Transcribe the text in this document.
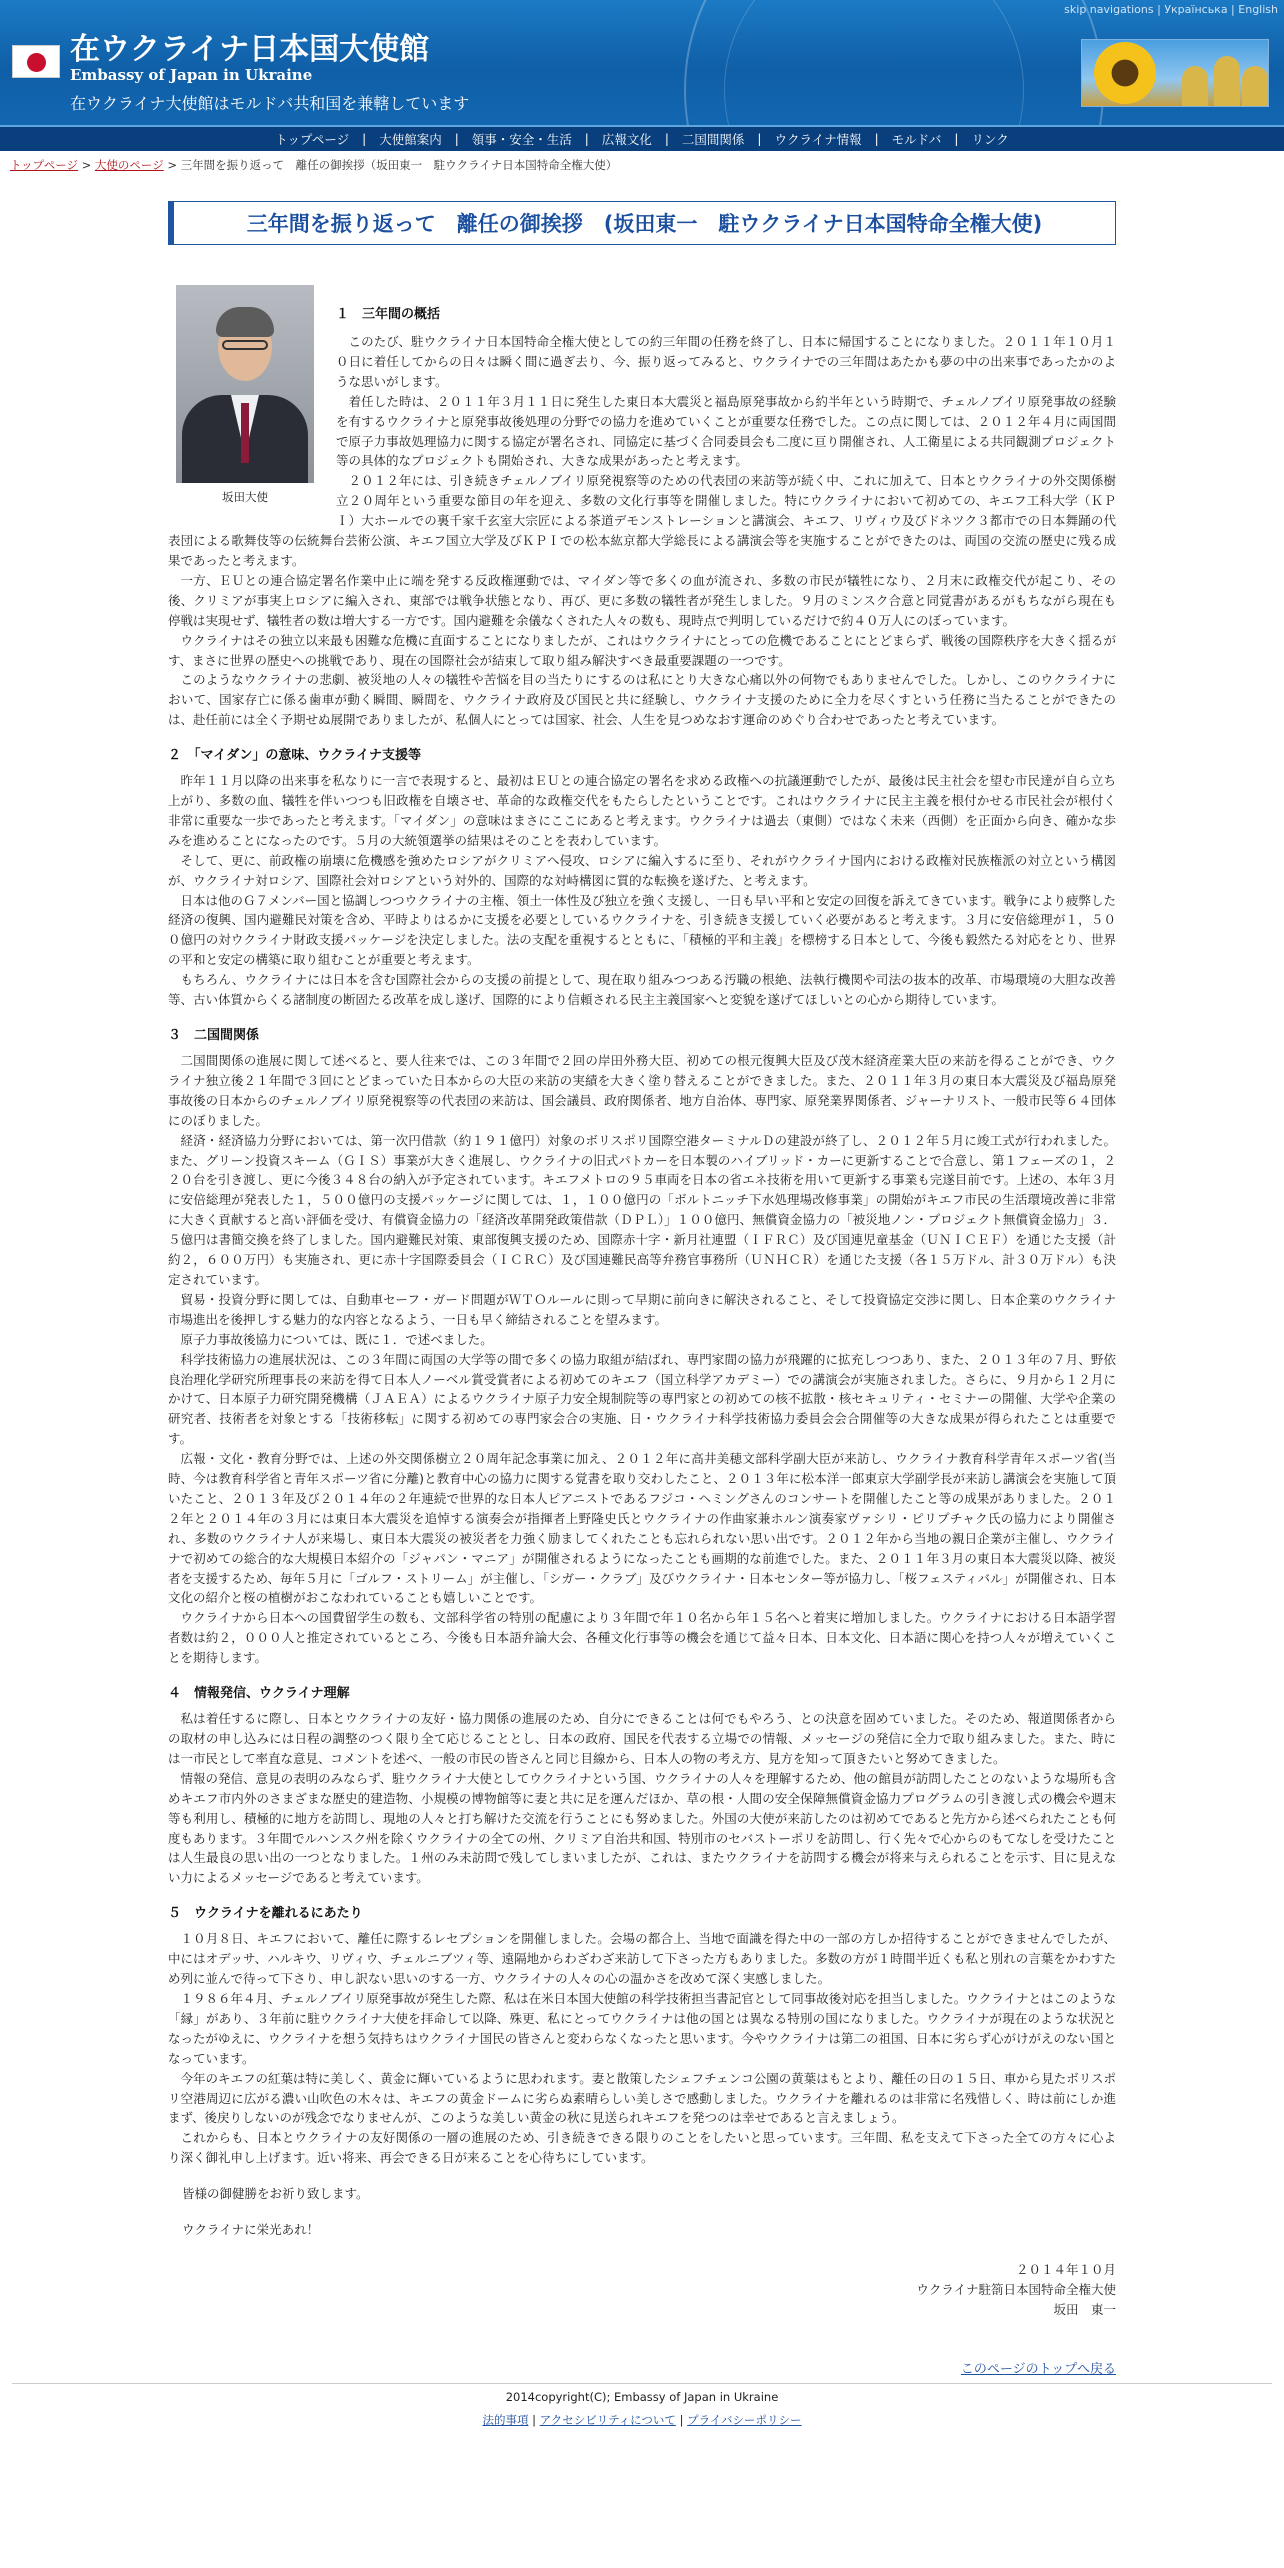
skip navigations | Українська | English
在ウクライナ日本国大使館
Embassy of Japan in Ukraine
在ウクライナ大使館はモルドバ共和国を兼轄しています
トップページ	|	大使館案内	|	領事・安全・生活	|	広報文化	|	二国間関係	|	ウクライナ情報	|	モルドバ	|	リンク
トップページ > 大使のページ > 三年間を振り返って　離任の御挨拶（坂田東一　駐ウクライナ日本国特命全権大使）
三年間を振り返って　離任の御挨拶　(坂田東一　駐ウクライナ日本国特命全権大使)
坂田大使
１　三年間の概括

このたび、駐ウクライナ日本国特命全権大使としての約三年間の任務を終了し、日本に帰国することになりました。２０１１年１０月１０日に着任してからの日々は瞬く間に過ぎ去り、今、振り返ってみると、ウクライナでの三年間はあたかも夢の中の出来事であったかのような思いがします。

着任した時は、２０１１年３月１１日に発生した東日本大震災と福島原発事故から約半年という時期で、チェルノブイリ原発事故の経験を有するウクライナと原発事故後処理の分野での協力を進めていくことが重要な任務でした。この点に関しては、２０１２年４月に両国間で原子力事故処理協力に関する協定が署名され、同協定に基づく合同委員会も二度に亘り開催され、人工衛星による共同観測プロジェクト等の具体的なプロジェクトも開始され、大きな成果があったと考えます。

２０１２年には、引き続きチェルノブイリ原発視察等のための代表団の来訪等が続く中、これに加えて、日本とウクライナの外交関係樹立２０周年という重要な節目の年を迎え、多数の文化行事等を開催しました。特にウクライナにおいて初めての、キエフ工科大学（ＫＰＩ）大ホールでの裏千家千玄室大宗匠による茶道デモンストレーションと講演会、キエフ、リヴィウ及びドネツク３都市での日本舞踊の代表団による歌舞伎等の伝統舞台芸術公演、キエフ国立大学及びＫＰＩでの松本紘京都大学総長による講演会等を実施することができたのは、両国の交流の歴史に残る成果であったと考えます。

一方、ＥＵとの連合協定署名作業中止に端を発する反政権運動では、マイダン等で多くの血が流され、多数の市民が犠牲になり、２月末に政権交代が起こり、その後、クリミアが事実上ロシアに編入され、東部では戦争状態となり、再び、更に多数の犠牲者が発生しました。９月のミンスク合意と同覚書があるがもちながら現在も停戦は実現せず、犠牲者の数は増大する一方です。国内避難を余儀なくされた人々の数も、現時点で判明しているだけで約４０万人にのぼっています。

ウクライナはその独立以来最も困難な危機に直面することになりましたが、これはウクライナにとっての危機であることにとどまらず、戦後の国際秩序を大きく揺るがす、まさに世界の歴史への挑戦であり、現在の国際社会が結束して取り組み解決すべき最重要課題の一つです。

このようなウクライナの悲劇、被災地の人々の犠牲や苦悩を目の当たりにするのは私にとり大きな心痛以外の何物でもありませんでした。しかし、このウクライナにおいて、国家存亡に係る歯車が動く瞬間、瞬間を、ウクライナ政府及び国民と共に経験し、ウクライナ支援のために全力を尽くすという任務に当たることができたのは、赴任前には全く予期せぬ展開でありましたが、私個人にとっては国家、社会、人生を見つめなおす運命のめぐり合わせであったと考えています。

２　「マイダン」の意味、ウクライナ支援等

昨年１１月以降の出来事を私なりに一言で表現すると、最初はＥＵとの連合協定の署名を求める政権への抗議運動でしたが、最後は民主社会を望む市民達が自ら立ち上がり、多数の血、犠牲を伴いつつも旧政権を自壊させ、革命的な政権交代をもたらしたということです。これはウクライナに民主主義を根付かせる市民社会が根付く非常に重要な一歩であったと考えます。「マイダン」の意味はまさにここにあると考えます。ウクライナは過去（東側）ではなく未来（西側）を正面から向き、確かな歩みを進めることになったのです。５月の大統領選挙の結果はそのことを表わしています。

そして、更に、前政権の崩壊に危機感を強めたロシアがクリミアへ侵攻、ロシアに編入するに至り、それがウクライナ国内における政権対民族権派の対立という構図が、ウクライナ対ロシア、国際社会対ロシアという対外的、国際的な対峙構図に質的な転換を遂げた、と考えます。

日本は他のＧ７メンバー国と協調しつつウクライナの主権、領土一体性及び独立を強く支援し、一日も早い平和と安定の回復を訴えてきています。戦争により疲弊した経済の復興、国内避難民対策を含め、平時よりはるかに支援を必要としているウクライナを、引き続き支援していく必要があると考えます。３月に安倍総理が１，５００億円の対ウクライナ財政支援パッケージを決定しました。法の支配を重視するとともに、「積極的平和主義」を標榜する日本として、今後も毅然たる対応をとり、世界の平和と安定の構築に取り組むことが重要と考えます。

もちろん、ウクライナには日本を含む国際社会からの支援の前提として、現在取り組みつつある汚職の根絶、法執行機関や司法の抜本的改革、市場環境の大胆な改善等、古い体質からくる諸制度の断固たる改革を成し遂げ、国際的により信頼される民主主義国家へと変貌を遂げてほしいとの心から期待しています。

３　二国間関係

二国間関係の進展に関して述べると、要人往来では、この３年間で２回の岸田外務大臣、初めての根元復興大臣及び茂木経済産業大臣の来訪を得ることができ、ウクライナ独立後２１年間で３回にとどまっていた日本からの大臣の来訪の実績を大きく塗り替えることができました。また、２０１１年３月の東日本大震災及び福島原発事故後の日本からのチェルノブイリ原発視察等の代表団の来訪は、国会議員、政府関係者、地方自治体、専門家、原発業界関係者、ジャーナリスト、一般市民等６４団体にのぼりました。

経済・経済協力分野においては、第一次円借款（約１９１億円）対象のボリスポリ国際空港ターミナルＤの建設が終了し、２０１２年５月に竣工式が行われました。また、グリーン投資スキーム（ＧＩＳ）事業が大きく進展し、ウクライナの旧式パトカーを日本製のハイブリッド・カーに更新することで合意し、第１フェーズの１，２２０台を引き渡し、更に今後３４８台の納入が予定されています。キエフメトロの９５車両を日本の省エネ技術を用いて更新する事業も完遂目前です。上述の、本年３月に安倍総理が発表した１，５００億円の支援パッケージに関しては、１，１００億円の「ボルトニッチ下水処理場改修事業」の開始がキエフ市民の生活環境改善に非常に大きく貢献すると高い評価を受け、有償資金協力の「経済改革開発政策借款（ＤＰＬ）」１００億円、無償資金協力の「被災地ノン・プロジェクト無償資金協力」３．５億円は書簡交換を終了しました。国内避難民対策、東部復興支援のため、国際赤十字・新月社連盟（ＩＦＲＣ）及び国連児童基金（ＵＮＩＣＥＦ）を通じた支援（計約２，６００万円）も実施され、更に赤十字国際委員会（ＩＣＲＣ）及び国連難民高等弁務官事務所（ＵＮＨＣＲ）を通じた支援（各１５万ドル、計３０万ドル）も決定されています。

貿易・投資分野に関しては、自動車セーフ・ガード問題がＷＴＯルールに則って早期に前向きに解決されること、そして投資協定交渉に関し、日本企業のウクライナ市場進出を後押しする魅力的な内容となるよう、一日も早く締結されることを望みます。

原子力事故後協力については、既に１．で述べました。

科学技術協力の進展状況は、この３年間に両国の大学等の間で多くの協力取組が結ばれ、専門家間の協力が飛躍的に拡充しつつあり、また、２０１３年の７月、野依良治理化学研究所理事長の来訪を得て日本人ノーベル賞受賞者による初めてのキエフ（国立科学アカデミー）での講演会が実施されました。さらに、９月から１２月にかけて、日本原子力研究開発機構（ＪＡＥＡ）によるウクライナ原子力安全規制院等の専門家との初めての核不拡散・核セキュリティ・セミナーの開催、大学や企業の研究者、技術者を対象とする「技術移転」に関する初めての専門家会合の実施、日・ウクライナ科学技術協力委員会会合開催等の大きな成果が得られたことは重要です。

広報・文化・教育分野では、上述の外交関係樹立２０周年記念事業に加え、２０１２年に高井美穂文部科学副大臣が来訪し、ウクライナ教育科学青年スポーツ省(当時、今は教育科学省と青年スポーツ省に分離)と教育中心の協力に関する覚書を取り交わしたこと、２０１３年に松本洋一郎東京大学副学長が来訪し講演会を実施して頂いたこと、２０１３年及び２０１４年の２年連続で世界的な日本人ピアニストであるフジコ・ヘミングさんのコンサートを開催したこと等の成果がありました。２０１２年と２０１４年の３月には東日本大震災を追悼する演奏会が指揮者上野隆史氏とウクライナの作曲家兼ホルン演奏家ヴァシリ・ピリプチャク氏の協力により開催され、多数のウクライナ人が来場し、東日本大震災の被災者を力強く励ましてくれたことも忘れられない思い出です。２０１２年から当地の親日企業が主催し、ウクライナで初めての総合的な大規模日本紹介の「ジャパン・マニア」が開催されるようになったことも画期的な前進でした。また、２０１１年３月の東日本大震災以降、被災者を支援するため、毎年５月に「ゴルフ・ストリーム」が主催し、「シガー・クラブ」及びウクライナ・日本センター等が協力し、「桜フェスティバル」が開催され、日本文化の紹介と桜の植樹がおこなわれていることも嬉しいことです。

ウクライナから日本への国費留学生の数も、文部科学省の特別の配慮により３年間で年１０名から年１５名へと着実に増加しました。ウクライナにおける日本語学習者数は約２，０００人と推定されているところ、今後も日本語弁論大会、各種文化行事等の機会を通じて益々日本、日本文化、日本語に関心を持つ人々が増えていくことを期待します。

４　情報発信、ウクライナ理解

私は着任するに際し、日本とウクライナの友好・協力関係の進展のため、自分にできることは何でもやろう、との決意を固めていました。そのため、報道関係者からの取材の申し込みには日程の調整のつく限り全て応じることとし、日本の政府、国民を代表する立場での情報、メッセージの発信に全力で取り組みました。また、時には一市民として率直な意見、コメントを述べ、一般の市民の皆さんと同じ目線から、日本人の物の考え方、見方を知って頂きたいと努めてきました。

情報の発信、意見の表明のみならず、駐ウクライナ大使としてウクライナという国、ウクライナの人々を理解するため、他の館員が訪問したことのないような場所も含めキエフ市内外のさまざまな歴史的建造物、小規模の博物館等に妻と共に足を運んだほか、草の根・人間の安全保障無償資金協力プログラムの引き渡し式の機会や週末等も利用し、積極的に地方を訪問し、現地の人々と打ち解けた交流を行うことにも努めました。外国の大使が来訪したのは初めてであると先方から述べられたことも何度もあります。３年間でルハンスク州を除くウクライナの全ての州、クリミア自治共和国、特別市のセバストーポリを訪問し、行く先々で心からのもてなしを受けたことは人生最良の思い出の一つとなりました。１州のみ未訪問で残してしまいましたが、これは、またウクライナを訪問する機会が将来与えられることを示す、目に見えない力によるメッセージであると考えています。

５　ウクライナを離れるにあたり

１０月８日、キエフにおいて、離任に際するレセプションを開催しました。会場の都合上、当地で面識を得た中の一部の方しか招待することができませんでしたが、中にはオデッサ、ハルキウ、リヴィウ、チェルニブツィ等、遠隔地からわざわざ来訪して下さった方もありました。多数の方が１時間半近くも私と別れの言葉をかわすため列に並んで待って下さり、申し訳ない思いのする一方、ウクライナの人々の心の温かさを改めて深く実感しました。

１９８６年４月、チェルノブイリ原発事故が発生した際、私は在米日本国大使館の科学技術担当書記官として同事故後対応を担当しました。ウクライナとはこのような「縁」があり、３年前に駐ウクライナ大使を拝命して以降、殊更、私にとってウクライナは他の国とは異なる特別の国になりました。ウクライナが現在のような状況となったがゆえに、ウクライナを想う気持ちはウクライナ国民の皆さんと変わらなくなったと思います。今やウクライナは第二の祖国、日本に劣らず心がけがえのない国となっています。

今年のキエフの紅葉は特に美しく、黄金に輝いているように思われます。妻と散策したシェフチェンコ公園の黄葉はもとより、離任の日の１５日、車から見たボリスポリ空港周辺に広がる濃い山吹色の木々は、キエフの黄金ドームに劣らぬ素晴らしい美しさで感動しました。ウクライナを離れるのは非常に名残惜しく、時は前にしか進まず、後戻りしないのが残念でなりませんが、このような美しい黄金の秋に見送られキエフを発つのは幸せであると言えましょう。

これからも、日本とウクライナの友好関係の一層の進展のため、引き続きできる限りのことをしたいと思っています。三年間、私を支えて下さった全ての方々に心より深く御礼申し上げます。近い将来、再会できる日が来ることを心待ちにしています。

皆様の御健勝をお祈り致します。
ウクライナに栄光あれ！
２０１４年１０月
ウクライナ駐箚日本国特命全権大使
坂田　東一
このページのトップへ戻る
2014copyright(C); Embassy of Japan in Ukraine
法的事項 | アクセシビリティについて | プライバシーポリシー
